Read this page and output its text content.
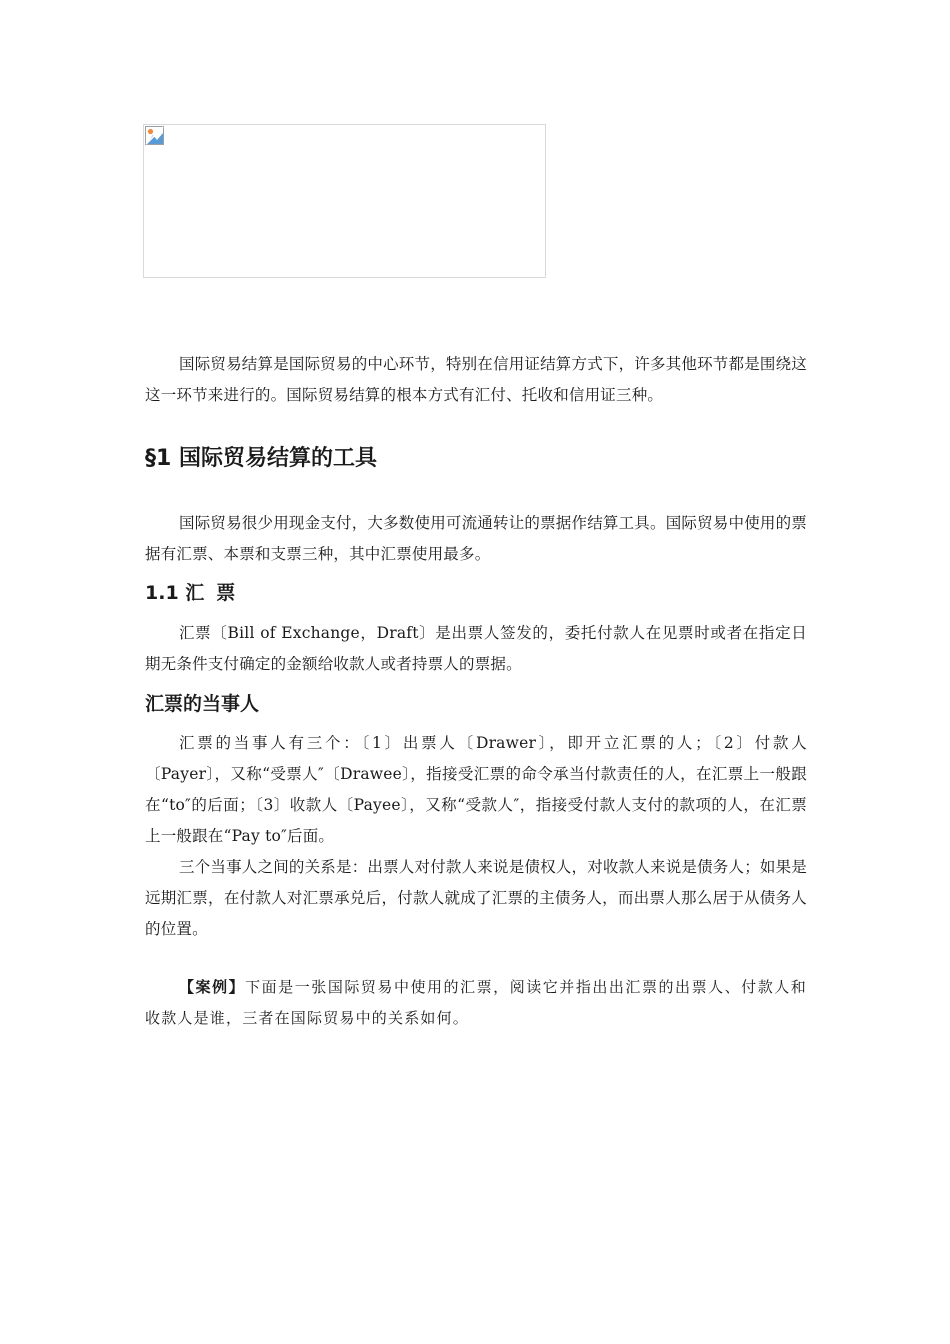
国际贸易结算是国际贸易的中心环节，特别在信用证结算方式下，许多其他环节都是围绕这这一环节来进行的。国际贸易结算的根本方式有汇付、托收和信用证三种。

§1 国际贸易结算的工具

国际贸易很少用现金支付，大多数使用可流通转让的票据作结算工具。国际贸易中使用的票据有汇票、本票和支票三种，其中汇票使用最多。

1.1 汇 票

汇票〔Bill of Exchange，Draft〕是出票人签发的，委托付款人在见票时或者在指定日期无条件支付确定的金额给收款人或者持票人的票据。

汇票的当事人

汇票的当事人有三个：〔1〕出票人〔Drawer〕，即开立汇票的人；〔2〕付款人〔Payer〕，又称“受票人″〔Drawee〕，指接受汇票的命令承当付款责任的人，在汇票上一般跟在“to″的后面；〔3〕收款人〔Payee〕，又称“受款人″，指接受付款人支付的款项的人，在汇票上一般跟在“Pay to″后面。

三个当事人之间的关系是：出票人对付款人来说是债权人，对收款人来说是债务人；如果是远期汇票，在付款人对汇票承兑后，付款人就成了汇票的主债务人，而出票人那么居于从债务人的位置。

【案例】下面是一张国际贸易中使用的汇票，阅读它并指出出汇票的出票人、付款人和收款人是谁，三者在国际贸易中的关系如何。
